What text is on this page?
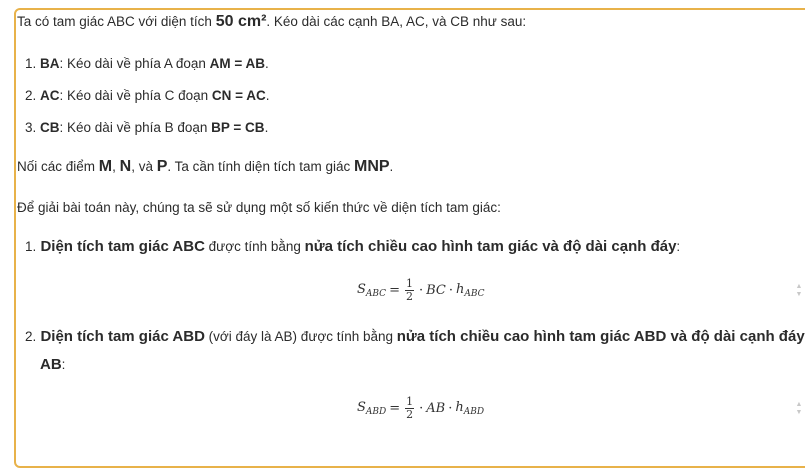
Ta có tam giác ABC với diện tích 50 cm². Kéo dài các cạnh BA, AC, và CB như sau:
1. BA: Kéo dài về phía A đoạn AM = AB.
2. AC: Kéo dài về phía C đoạn CN = AC.
3. CB: Kéo dài về phía B đoạn BP = CB.
Nối các điểm M, N, và P. Ta cần tính diện tích tam giác MNP.
Để giải bài toán này, chúng ta sẽ sử dụng một số kiến thức về diện tích tam giác:
1. Diện tích tam giác ABC được tính bằng nửa tích chiều cao hình tam giác và độ dài cạnh đáy:
$S_{ABC} = \frac{1}{2}$ · BC · $h_{ABC}$
▲
▼
2. Diện tích tam giác ABD (với đáy là AB) được tính bằng nửa tích chiều cao hình tam giác ABD và độ dài cạnh đáy
AB:
$S_{ABD} = \frac{1}{2}$ · AB · $h_{ABD}$
▲
▼
